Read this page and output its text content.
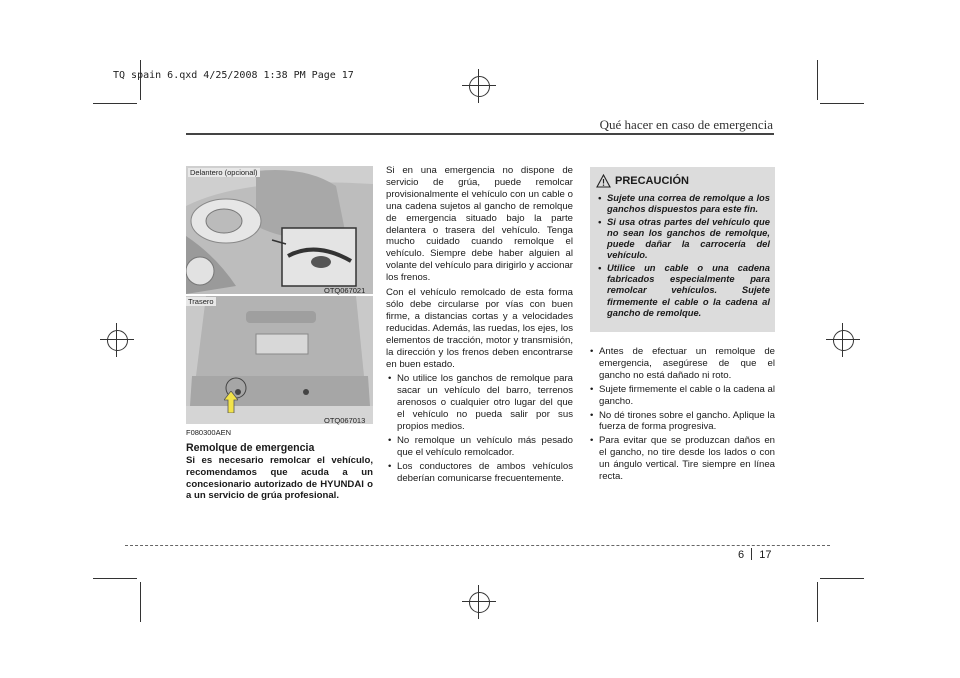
TQ spain 6.qxd 4/25/2008 1:38 PM Page 17
Qué hacer en caso de emergencia
Delantero (opcional)
OTQ067021
Trasero
OTQ067013
F080300AEN
Remolque de emergencia
Si es necesario remolcar el vehículo, recomendamos que acuda a un concesionario autorizado de HYUNDAI o a un servicio de grúa profesional.

Si en una emergencia no dispone de servicio de grúa, puede remolcar provisionalmente el vehículo con un cable o una cadena sujetos al gancho de remolque de emergencia situado bajo la parte delantera o trasera del vehículo. Tenga mucho cuidado cuando remolque el vehículo. Siempre debe haber alguien al volante del vehículo para dirigirlo y accionar los frenos.

Con el vehículo remolcado de esta forma sólo debe circularse por vías con buen firme, a distancias cortas y a velocidades reducidas. Además, las ruedas, los ejes, los elementos de tracción, motor y transmisión, la dirección y los frenos deben encontrarse en buen estado.

• No utilice los ganchos de remolque para sacar un vehículo del barro, terrenos arenosos o cualquier otro lugar del que el vehículo no pueda salir por sus propios medios.
• No remolque un vehículo más pesado que el vehículo remolcador.
• Los conductores de ambos vehículos deberían comunicarse frecuentemente.
PRECAUCIÓN
• Sujete una correa de remolque a los ganchos dispuestos para este fin.
• Si usa otras partes del vehículo que no sean los ganchos de remolque, puede dañar la carrocería del vehículo.
• Utilice un cable o una cadena fabricados especialmente para remolcar vehículos. Sujete firmemente el cable o la cadena al gancho de remolque.
• Antes de efectuar un remolque de emergencia, asegúrese de que el gancho no está dañado ni roto.
• Sujete firmemente el cable o la cadena al gancho.
• No dé tirones sobre el gancho. Aplique la fuerza de forma progresiva.
• Para evitar que se produzcan daños en el gancho, no tire desde los lados o con un ángulo vertical. Tire siempre en línea recta.
6 17
